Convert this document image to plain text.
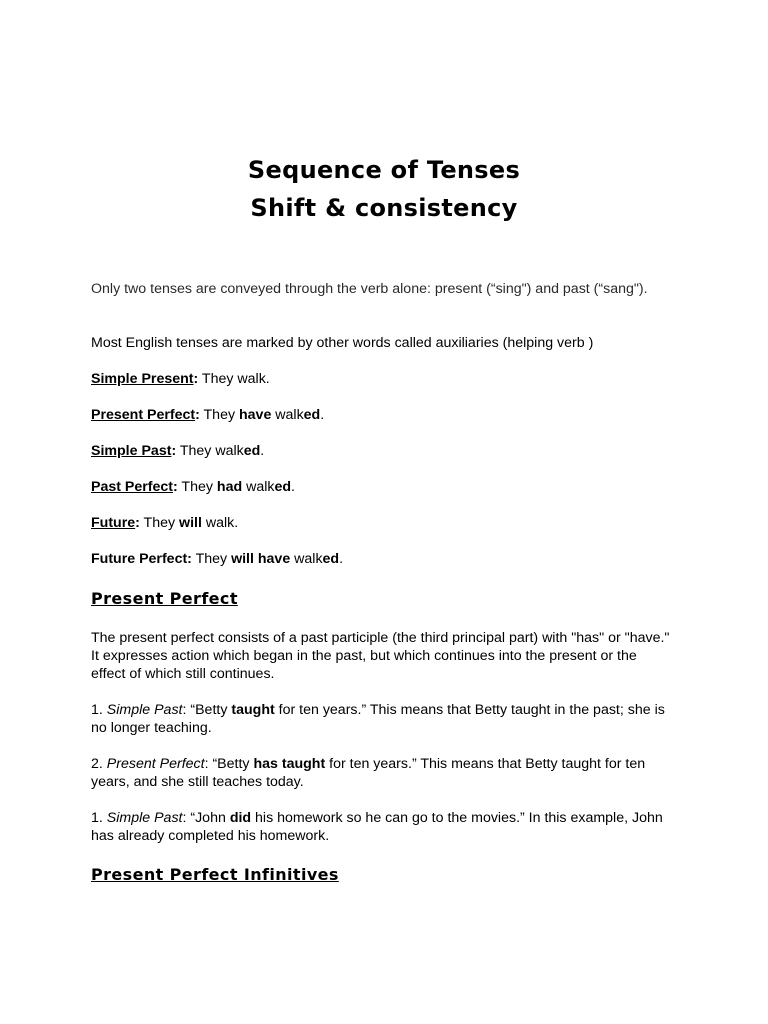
Sequence of Tenses
Shift & consistency
Only two tenses are conveyed through the verb alone: present (“sing") and past (“sang").
Most English tenses are marked by other words called auxiliaries (helping verb )
Simple Present: They walk.
Present Perfect: They have walked.
Simple Past: They walked.
Past Perfect: They had walked.
Future: They will walk.
Future Perfect: They will have walked.
Present Perfect
The present perfect consists of a past participle (the third principal part) with "has" or "have." It expresses action which began in the past, but which continues into the present or the effect of which still continues.
1. Simple Past: “Betty taught for ten years.” This means that Betty taught in the past; she is no longer teaching.
2. Present Perfect: “Betty has taught for ten years.” This means that Betty taught for ten years, and she still teaches today.
1. Simple Past: “John did his homework so he can go to the movies.” In this example, John has already completed his homework.
Present Perfect Infinitives
